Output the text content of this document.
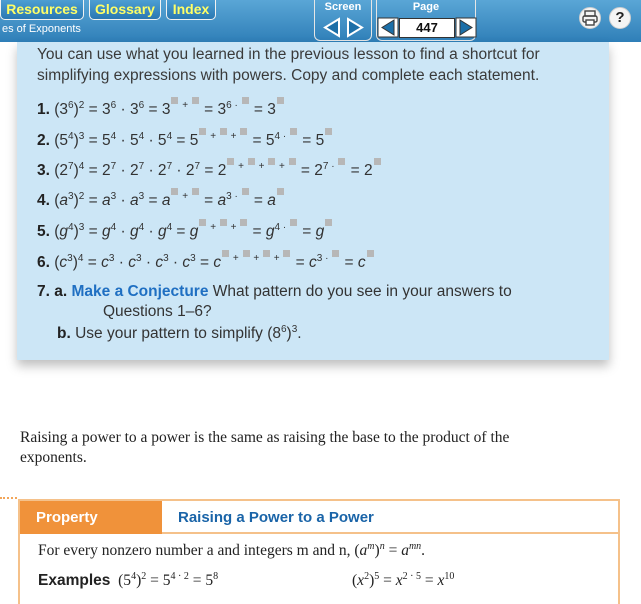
Resources	Glossary	Index
es of Exponents
Screen	Page
447
?
You can use what you learned in the previous lesson to find a shortcut for simplifying expressions with powers. Copy and complete each statement.
1. $(3^6)^2 = 3^6 \cdot 3^6 = 3$ $^+ = 3^{6 \cdot} = 3$
2. $(5^4)^3 = 5^4 \cdot 5^4 \cdot 5^4 = 5$ $^{+ +} = 5^{4 \cdot} = 5$
3. $(2^7)^4 = 2^7 \cdot 2^7 \cdot 2^7 \cdot 2^7 = 2$ $^{+ + +} = 2^{7 \cdot} = 2$
4. $(a^3)^2 = a^3 \cdot a^3 = a$ $^+ = a^{3 \cdot} = a$
5. $(g^4)^3 = g^4 \cdot g^4 \cdot g^4 = g$ $^{+ +} = g^{4 \cdot} = g$
6. $(c^3)^4 = c^3 \cdot c^3 \cdot c^3 \cdot c^3 = c$ $^{+ + +} = c^{3 \cdot} = c$
7. a. Make a Conjecture What pattern do you see in your answers to
Questions 1–6?
b. Use your pattern to simplify $(8^6)^3$.
Raising a power to a power is the same as raising the base to the product of the exponents.
Property	Raising a Power to a Power
For every nonzero number a and integers m and n, $(a^m)^n = a^{mn}$.
Examples  $(5^4)^2 = 5^{4 \cdot 2} = 5^8$	$(x^2)^5 = x^{2 \cdot 5} = x^{10}$
